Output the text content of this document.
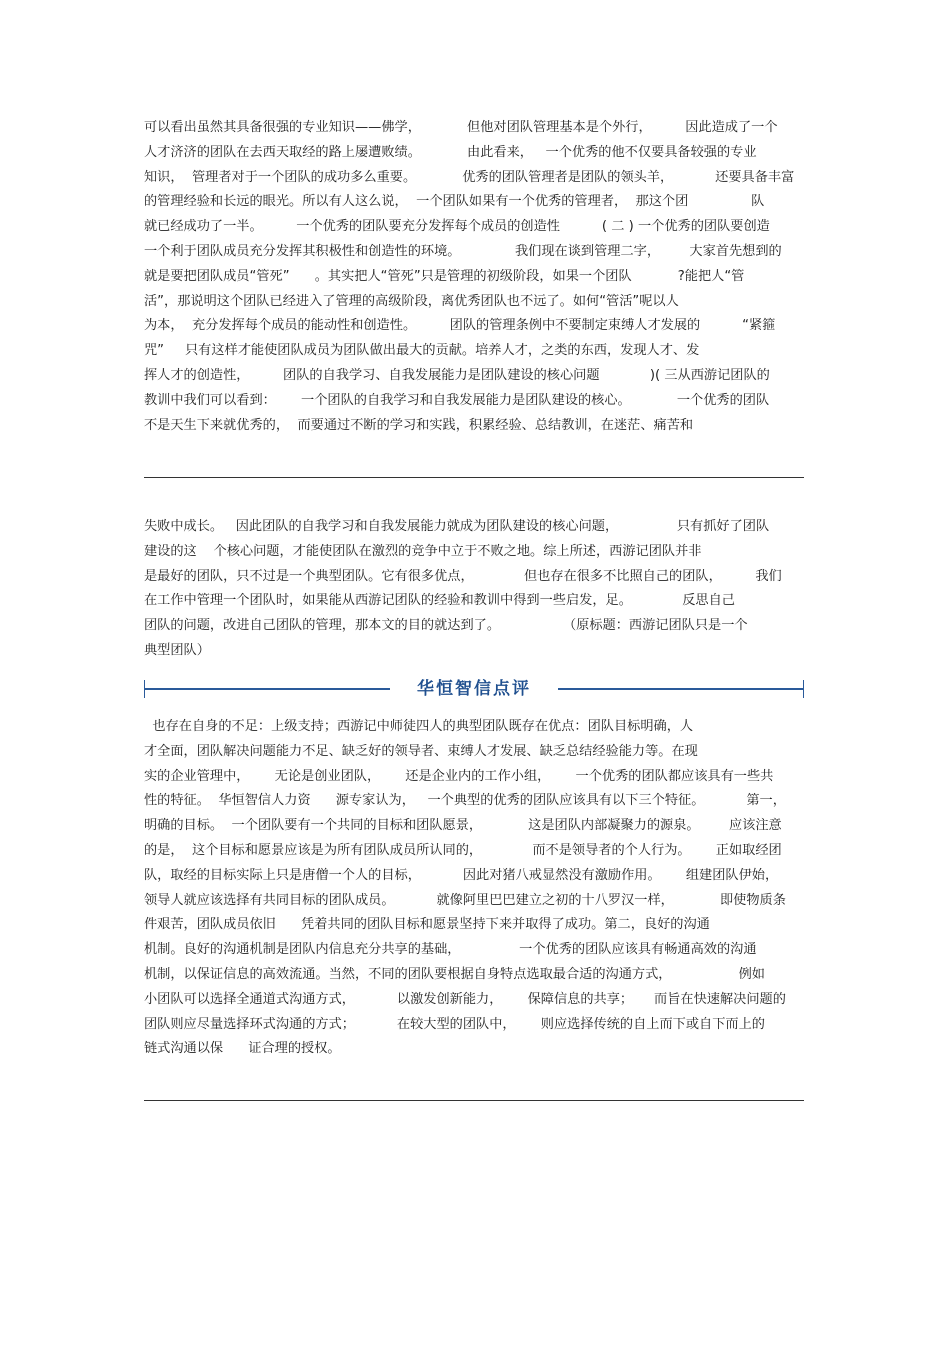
可以看出虽然其具备很强的专业知识——佛学，           但他对团队管理基本是个外行，        因此造成了一个
人才济济的团队在去西天取经的路上屡遭败绩。           由此看来，   一个优秀的他不仅要具备较强的专业
知识，  管理者对于一个团队的成功多么重要。           优秀的团队管理者是团队的领头羊，          还要具备丰富
的管理经验和长远的眼光。所以有人这么说，  一个团队如果有一个优秀的管理者，  那这个团               队
就已经成功了一半。        一个优秀的团队要充分发挥每个成员的创造性          ( 二 ) 一个优秀的团队要创造
一个利于团队成员充分发挥其积极性和创造性的环境。             我们现在谈到管理二字，       大家首先想到的
就是要把团队成员“管死”      。其实把人“管死”只是管理的初级阶段，如果一个团队           ?能把人“管
活”，那说明这个团队已经进入了管理的高级阶段，离优秀团队也不远了。如何“管活”呢以人
为本，  充分发挥每个成员的能动性和创造性。        团队的管理条例中不要制定束缚人才发展的          “紧箍
咒”     只有这样才能使团队成员为团队做出最大的贡献。培养人才，之类的东西，发现人才、发
挥人才的创造性，        团队的自我学习、自我发展能力是团队建设的核心问题            )( 三从西游记团队的
教训中我们可以看到：      一个团队的自我学习和自我发展能力是团队建设的核心。           一个优秀的团队
不是天生下来就优秀的，  而要通过不断的学习和实践，积累经验、总结教训，在迷茫、痛苦和
失败中成长。   因此团队的自我学习和自我发展能力就成为团队建设的核心问题，              只有抓好了团队
建设的这    个核心问题，才能使团队在激烈的竞争中立于不败之地。综上所述，西游记团队并非
是最好的团队，只不过是一个典型团队。它有很多优点，            但也存在很多不比照自己的团队，        我们
在工作中管理一个团队时，如果能从西游记团队的经验和教训中得到一些启发，足。            反思自己
团队的问题，改进自己团队的管理，那本文的目的就达到了。               （原标题：西游记团队只是一个
典型团队）
华恒智信点评
也存在自身的不足：上级支持；西游记中师徒四人的典型团队既存在优点：团队目标明确，人
才全面，团队解决问题能力不足、缺乏好的领导者、束缚人才发展、缺乏总结经验能力等。在现
实的企业管理中，      无论是创业团队，      还是企业内的工作小组，      一个优秀的团队都应该具有一些共
性的特征。  华恒智信人力资      源专家认为，   一个典型的优秀的团队应该具有以下三个特征。          第一，
明确的目标。  一个团队要有一个共同的目标和团队愿景，           这是团队内部凝聚力的源泉。       应该注意
的是，  这个目标和愿景应该是为所有团队成员所认同的，            而不是领导者的个人行为。      正如取经团
队，取经的目标实际上只是唐僧一个人的目标，          因此对猪八戒显然没有激励作用。      组建团队伊始，
领导人就应该选择有共同目标的团队成员。          就像阿里巴巴建立之初的十八罗汉一样，           即使物质条
件艰苦，团队成员依旧      凭着共同的团队目标和愿景坚持下来并取得了成功。第二，良好的沟通
机制。良好的沟通机制是团队内信息充分共享的基础，              一个优秀的团队应该具有畅通高效的沟通
机制，以保证信息的高效流通。当然，不同的团队要根据自身特点选取最合适的沟通方式，                例如
小团队可以选择全通道式沟通方式，          以激发创新能力，      保障信息的共享；     而旨在快速解决问题的
团队则应尽量选择环式沟通的方式；          在较大型的团队中，      则应选择传统的自上而下或自下而上的
链式沟通以保      证合理的授权。
